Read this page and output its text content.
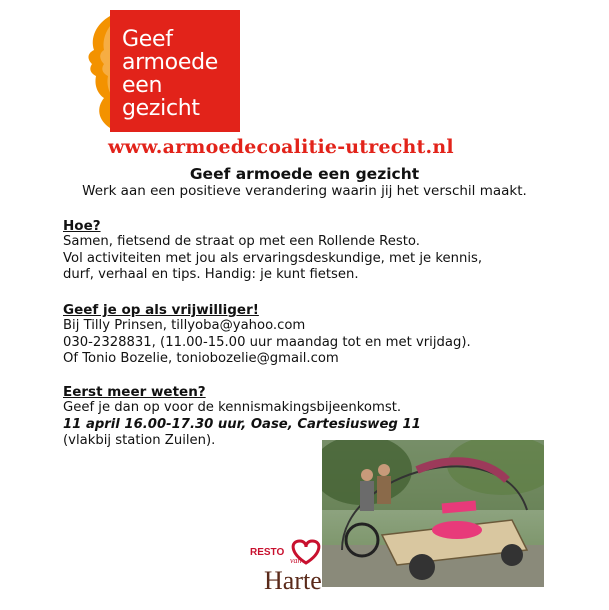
Geef
armoede
een
gezicht
www.armoedecoalitie-utrecht.nl
Geef armoede een gezicht
Werk aan een positieve verandering waarin jij het verschil maakt.
Hoe?
Samen, fietsend de straat op met een Rollende Resto.
Vol activiteiten met jou als ervaringsdeskundige, met je kennis,
durf, verhaal en tips. Handig: je kunt fietsen.
Geef je op als vrijwilliger!
Bij Tilly Prinsen, tillyoba@yahoo.com
030-2328831, (11.00-15.00 uur maandag tot en met vrijdag).
Of Tonio Bozelie, toniobozelie@gmail.com
Eerst meer weten?
Geef je dan op voor de kennismakingsbijeenkomst.
11 april 16.00-17.30 uur, Oase, Cartesiusweg 11
(vlakbij station Zuilen).
RESTO
van
Harte
